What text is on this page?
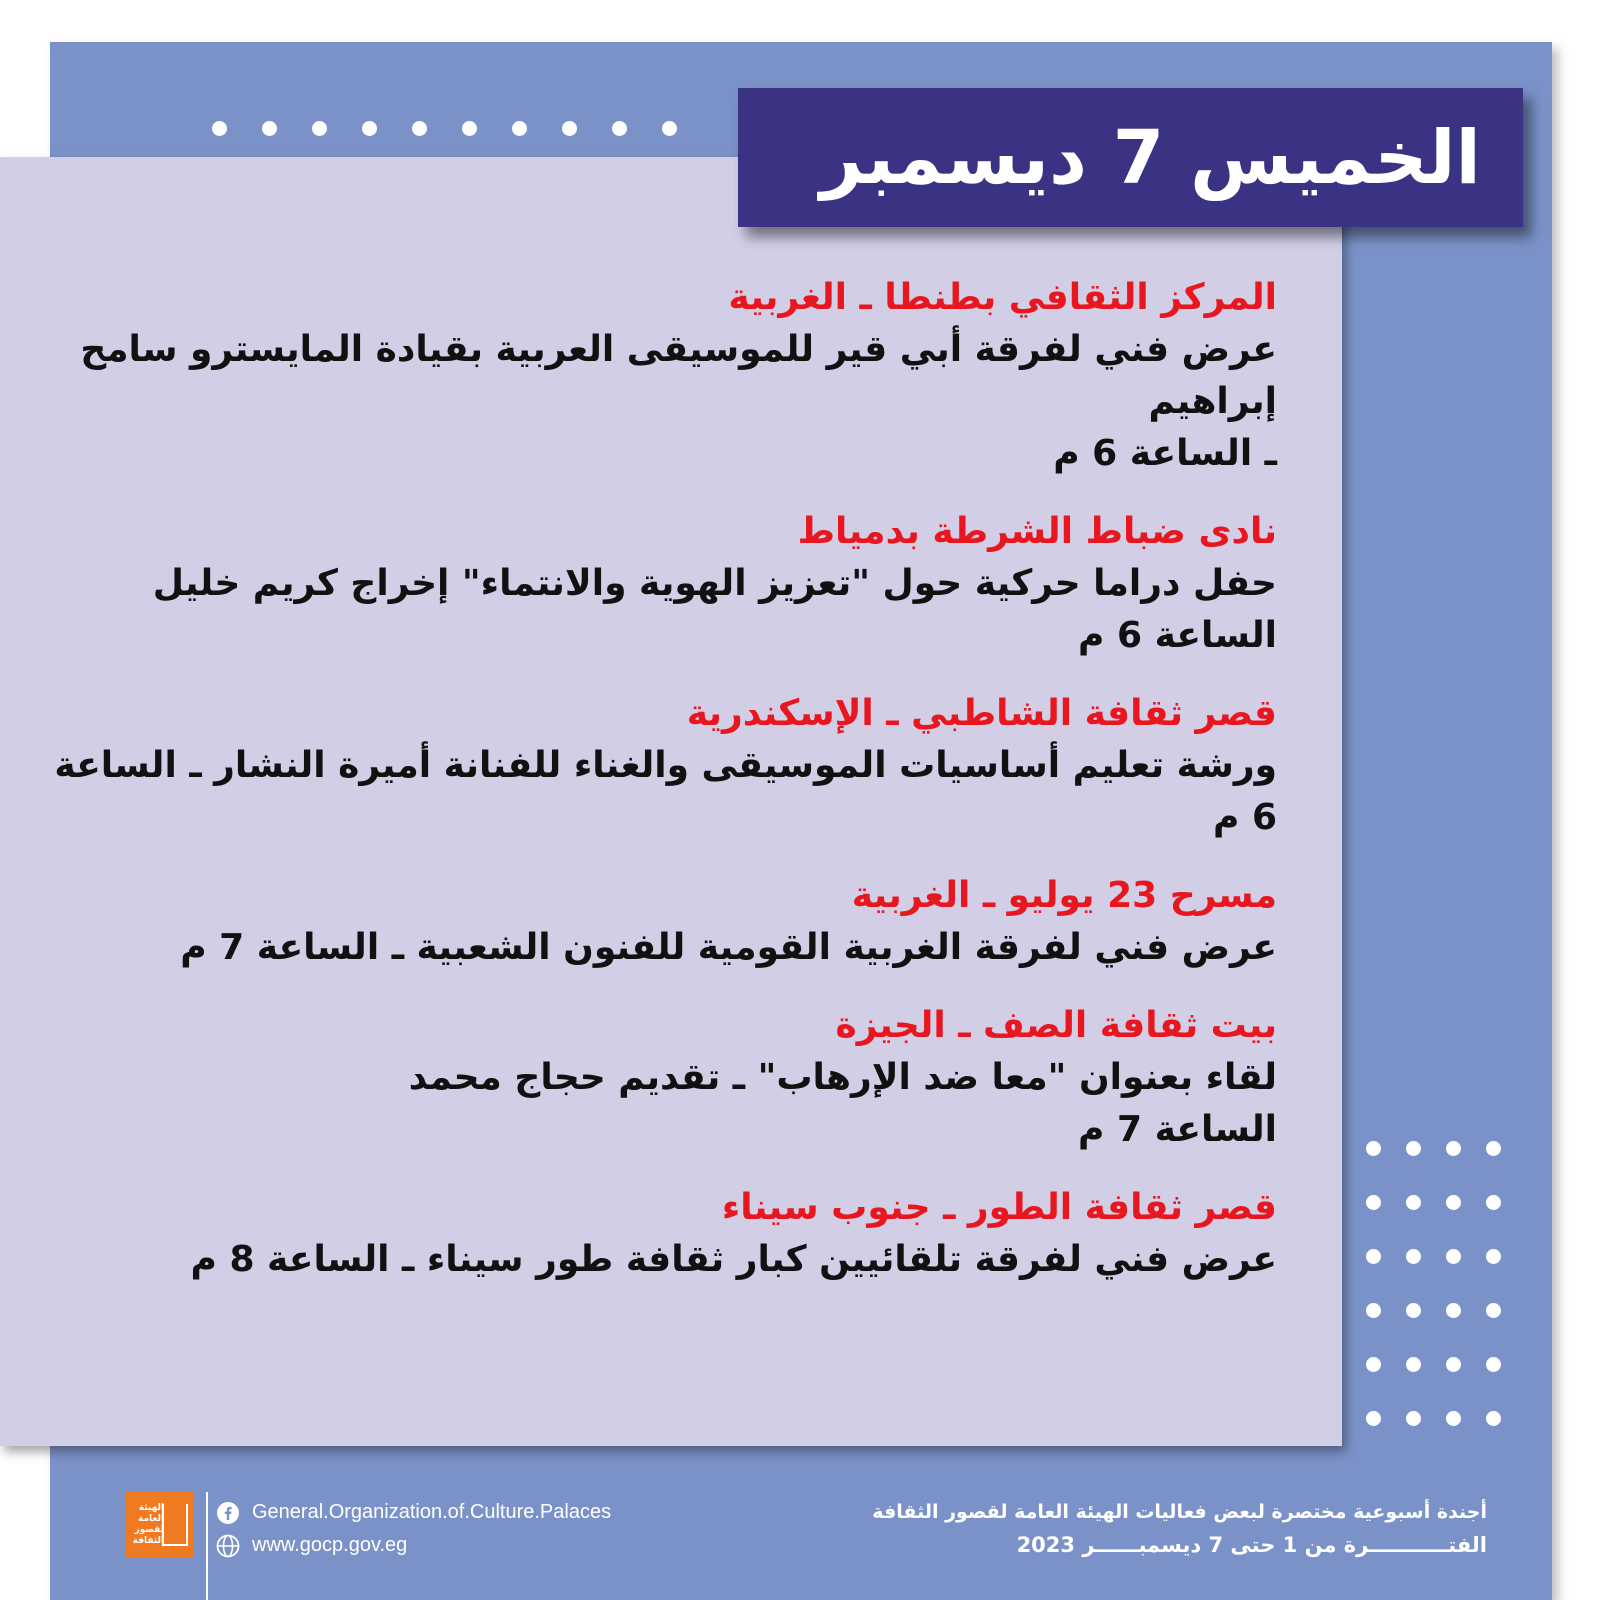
الخميس 7 ديسمبر
المركز الثقافي بطنطا ـ الغربية
عرض فني لفرقة أبي قير للموسيقى العربية بقيادة المايسترو سامح إبراهيم
ـ الساعة 6 م
نادى ضباط الشرطة بدمياط
حفل دراما حركية حول "تعزيز الهوية والانتماء" إخراج كريم خليل
الساعة 6 م
قصر ثقافة الشاطبي ـ الإسكندرية
ورشة تعليم أساسيات الموسيقى والغناء للفنانة أميرة النشار ـ الساعة 6 م
مسرح 23 يوليو ـ الغربية
عرض فني لفرقة الغربية القومية للفنون الشعبية ـ الساعة 7 م
بيت ثقافة الصف ـ الجيزة
لقاء بعنوان "معا ضد الإرهاب" ـ تقديم حجاج محمد
الساعة 7 م
قصر ثقافة الطور ـ جنوب سيناء
عرض فني لفرقة تلقائيين كبار ثقافة طور سيناء ـ الساعة 8 م
الهيئة العامة لقصور الثقافة
General.Organization.of.Culture.Palaces
www.gocp.gov.eg
أجندة أسبوعية مختصرة لبعض فعاليات الهيئة العامة لقصور الثقافة
الفتـــــــــــرة من 1 حتى 7 ديسمبــــــر 2023
